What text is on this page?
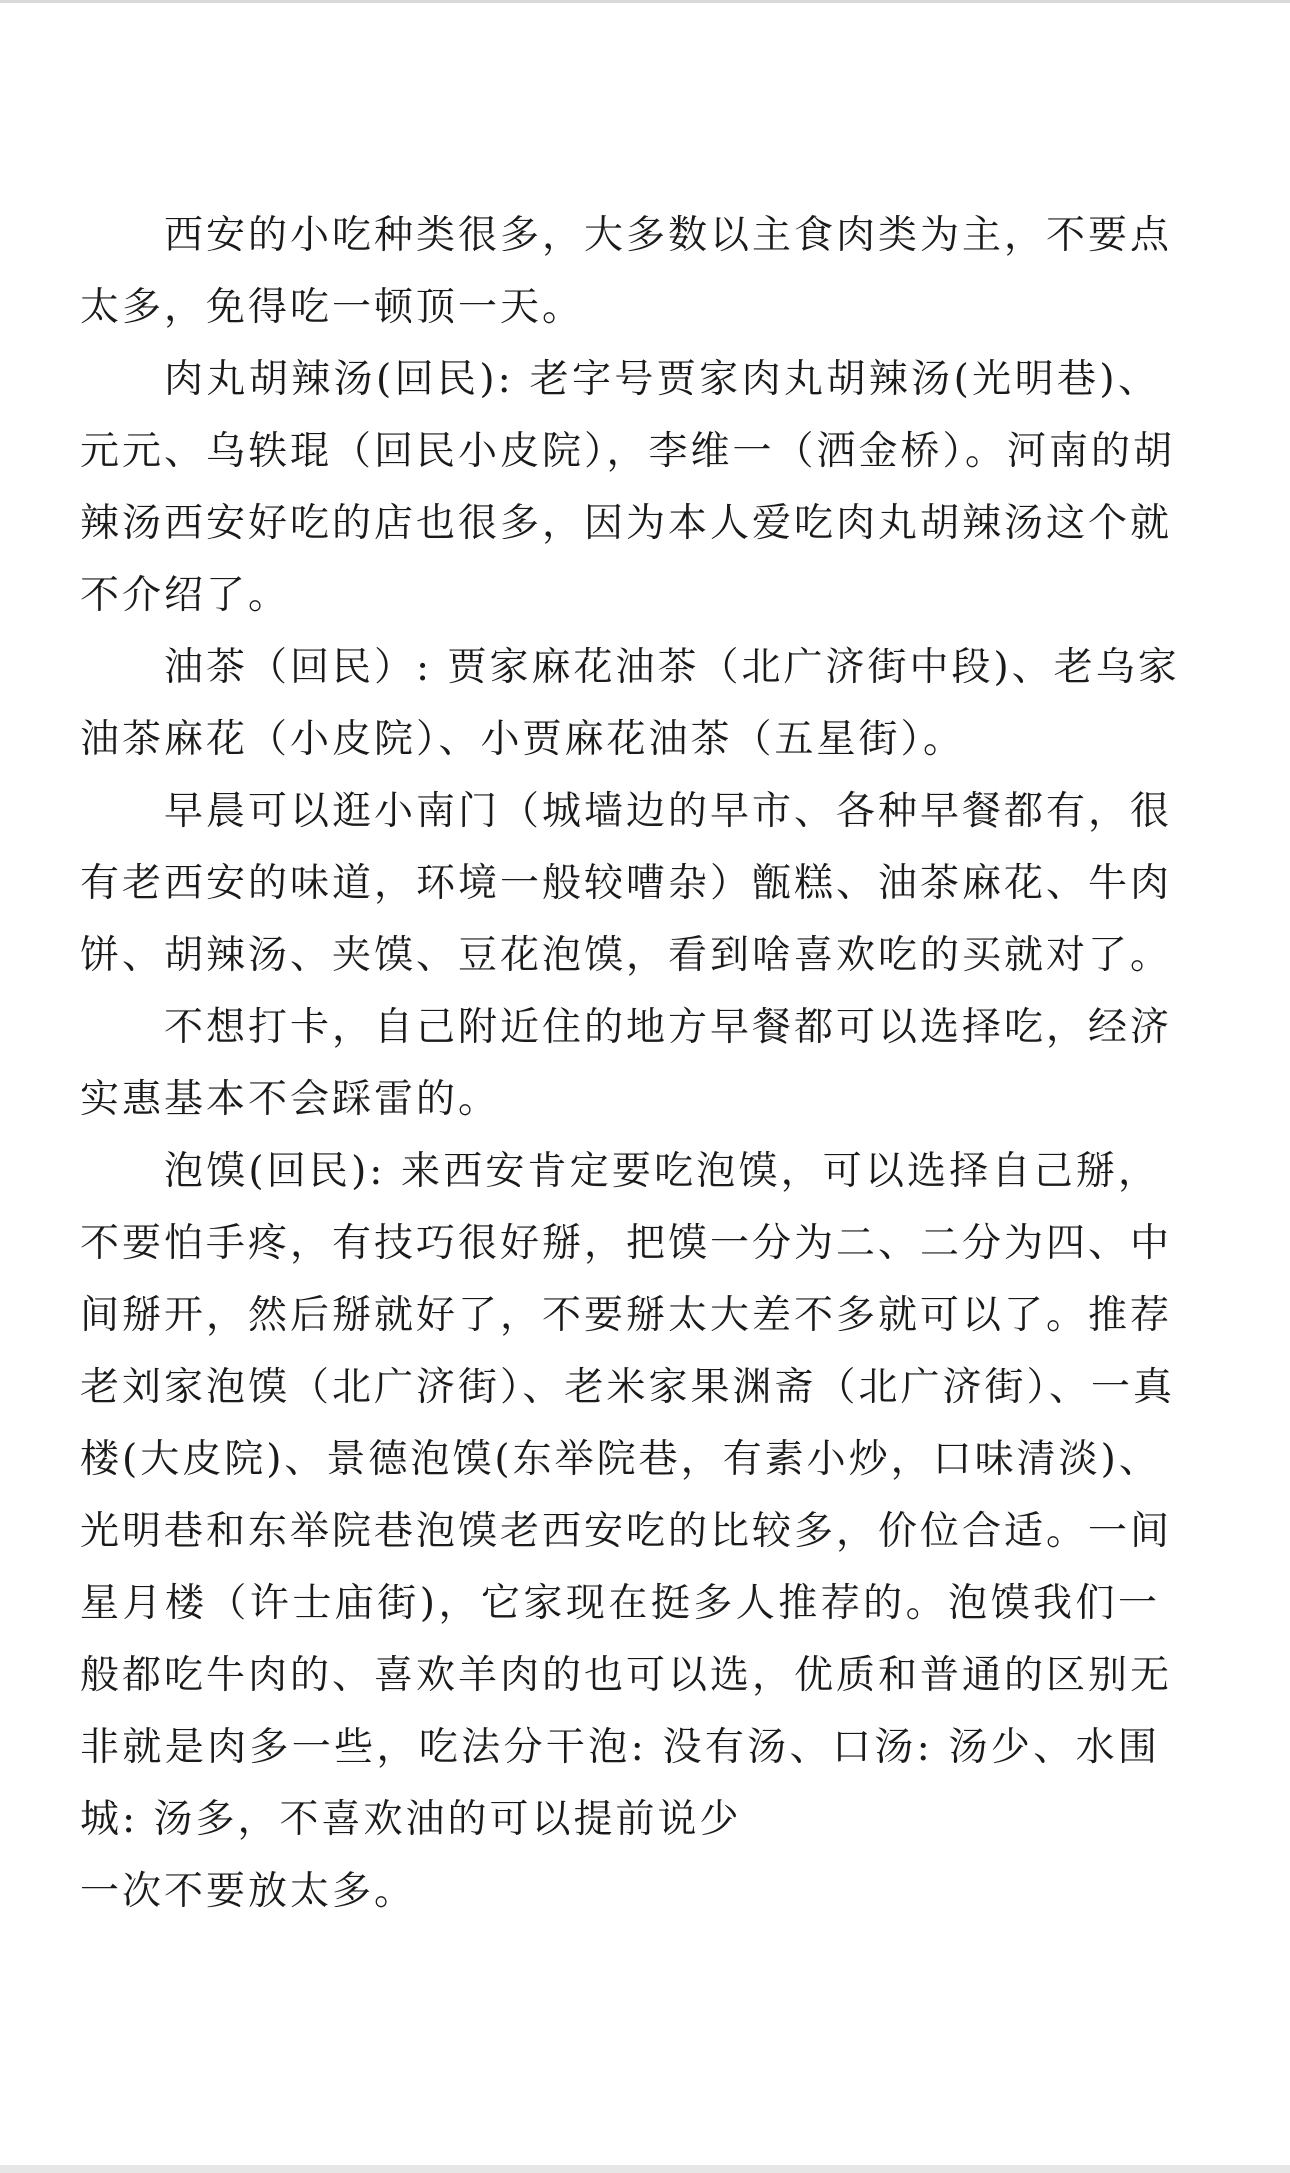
西安的小吃种类很多，大多数以主食肉类为主，不要点
太多，免得吃一顿顶一天。
肉丸胡辣汤(回民): 老字号贾家肉丸胡辣汤(光明巷)、
元元、乌轶琨（回民小皮院），李维一（洒金桥）。河南的胡
辣汤西安好吃的店也很多，因为本人爱吃肉丸胡辣汤这个就
不介绍了。
油茶（回民）: 贾家麻花油茶（北广济街中段)、老乌家
油茶麻花（小皮院）、小贾麻花油茶（五星街）。
早晨可以逛小南门（城墙边的早市、各种早餐都有，很
有老西安的味道，环境一般较嘈杂）甑糕、油茶麻花、牛肉
饼、胡辣汤、夹馍、豆花泡馍，看到啥喜欢吃的买就对了。
不想打卡，自己附近住的地方早餐都可以选择吃，经济
实惠基本不会踩雷的。
泡馍(回民): 来西安肯定要吃泡馍，可以选择自己掰，
不要怕手疼，有技巧很好掰，把馍一分为二、二分为四、中
间掰开，然后掰就好了，不要掰太大差不多就可以了。推荐
老刘家泡馍（北广济街）、老米家果渊斋（北广济街）、一真
楼(大皮院)、景德泡馍(东举院巷，有素小炒，口味清淡)、
光明巷和东举院巷泡馍老西安吃的比较多，价位合适。一间
星月楼（许士庙街)，它家现在挺多人推荐的。泡馍我们一
般都吃牛肉的、喜欢羊肉的也可以选，优质和普通的区别无
非就是肉多一些，吃法分干泡: 没有汤、口汤: 汤少、水围
城: 汤多，不喜欢油的可以提前说少
一次不要放太多。
